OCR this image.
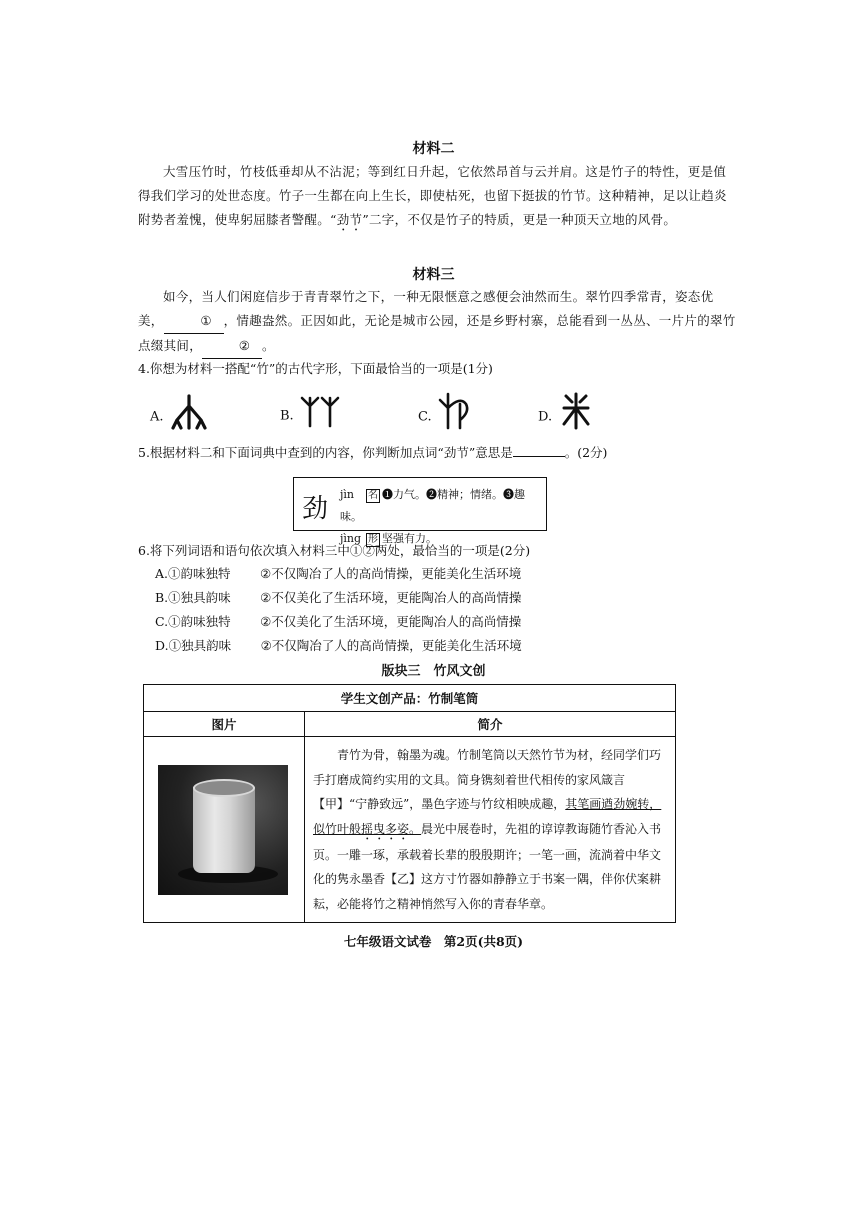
材料二
大雪压竹时，竹枝低垂却从不沾泥；等到红日升起，它依然昂首与云并肩。这是竹子的特性，更是值得我们学习的处世态度。竹子一生都在向上生长，即使枯死，也留下挺拔的竹节。这种精神，足以让趋炎附势者羞愧，使卑躬屈膝者警醒。“劲节”二字，不仅是竹子的特质，更是一种顶天立地的风骨。
材料三
如今，当人们闲庭信步于青青翠竹之下，一种无限惬意之感便会油然而生。翠竹四季常青，姿态优美，	① ，情趣盎然。正因如此，无论是城市公园，还是乡野村寨，总能看到一丛丛、一片片的翠竹点缀其间，	② 。
4.你想为材料一搭配“竹”的古代字形，下面最恰当的一项是(1分)
A.	B.	C.	D.
5.根据材料二和下面词典中查到的内容，你判断加点词“劲节”意思是	。(2分)
劲 jìn 名 ❶力气。❷精神；情绪。❸趣味。
jìng 形 坚强有力。
6.将下列词语和语句依次填入材料三中①②两处，最恰当的一项是(2分)
A.①韵味独特 ②不仅陶冶了人的高尚情操，更能美化生活环境
B.①独具韵味 ②不仅美化了生活环境，更能陶冶人的高尚情操
C.①韵味独特 ②不仅美化了生活环境，更能陶冶人的高尚情操
D.①独具韵味 ②不仅陶冶了人的高尚情操，更能美化生活环境
版块三　竹风文创
学生文创产品：竹制笔筒	
图片	简介

	青竹为骨，翰墨为魂。竹制笔筒以天然竹节为材，经同学们巧手打磨成简约实用的文具。简身镌刻着世代相传的家风箴言【甲】“宁静致远”，墨色字迹与竹纹相映成趣，其笔画遒劲婉转，似竹叶般摇曳多姿。晨光中展卷时，先祖的谆谆教诲随竹香沁入书页。一雕一琢，承载着长辈的殷殷期许；一笔一画，流淌着中华文化的隽永墨香【乙】这方寸竹器如静静立于书案一隅，伴你伏案耕耘，必能将竹之精神悄然写入你的青春华章。
七年级语文试卷　第2页(共8页)
